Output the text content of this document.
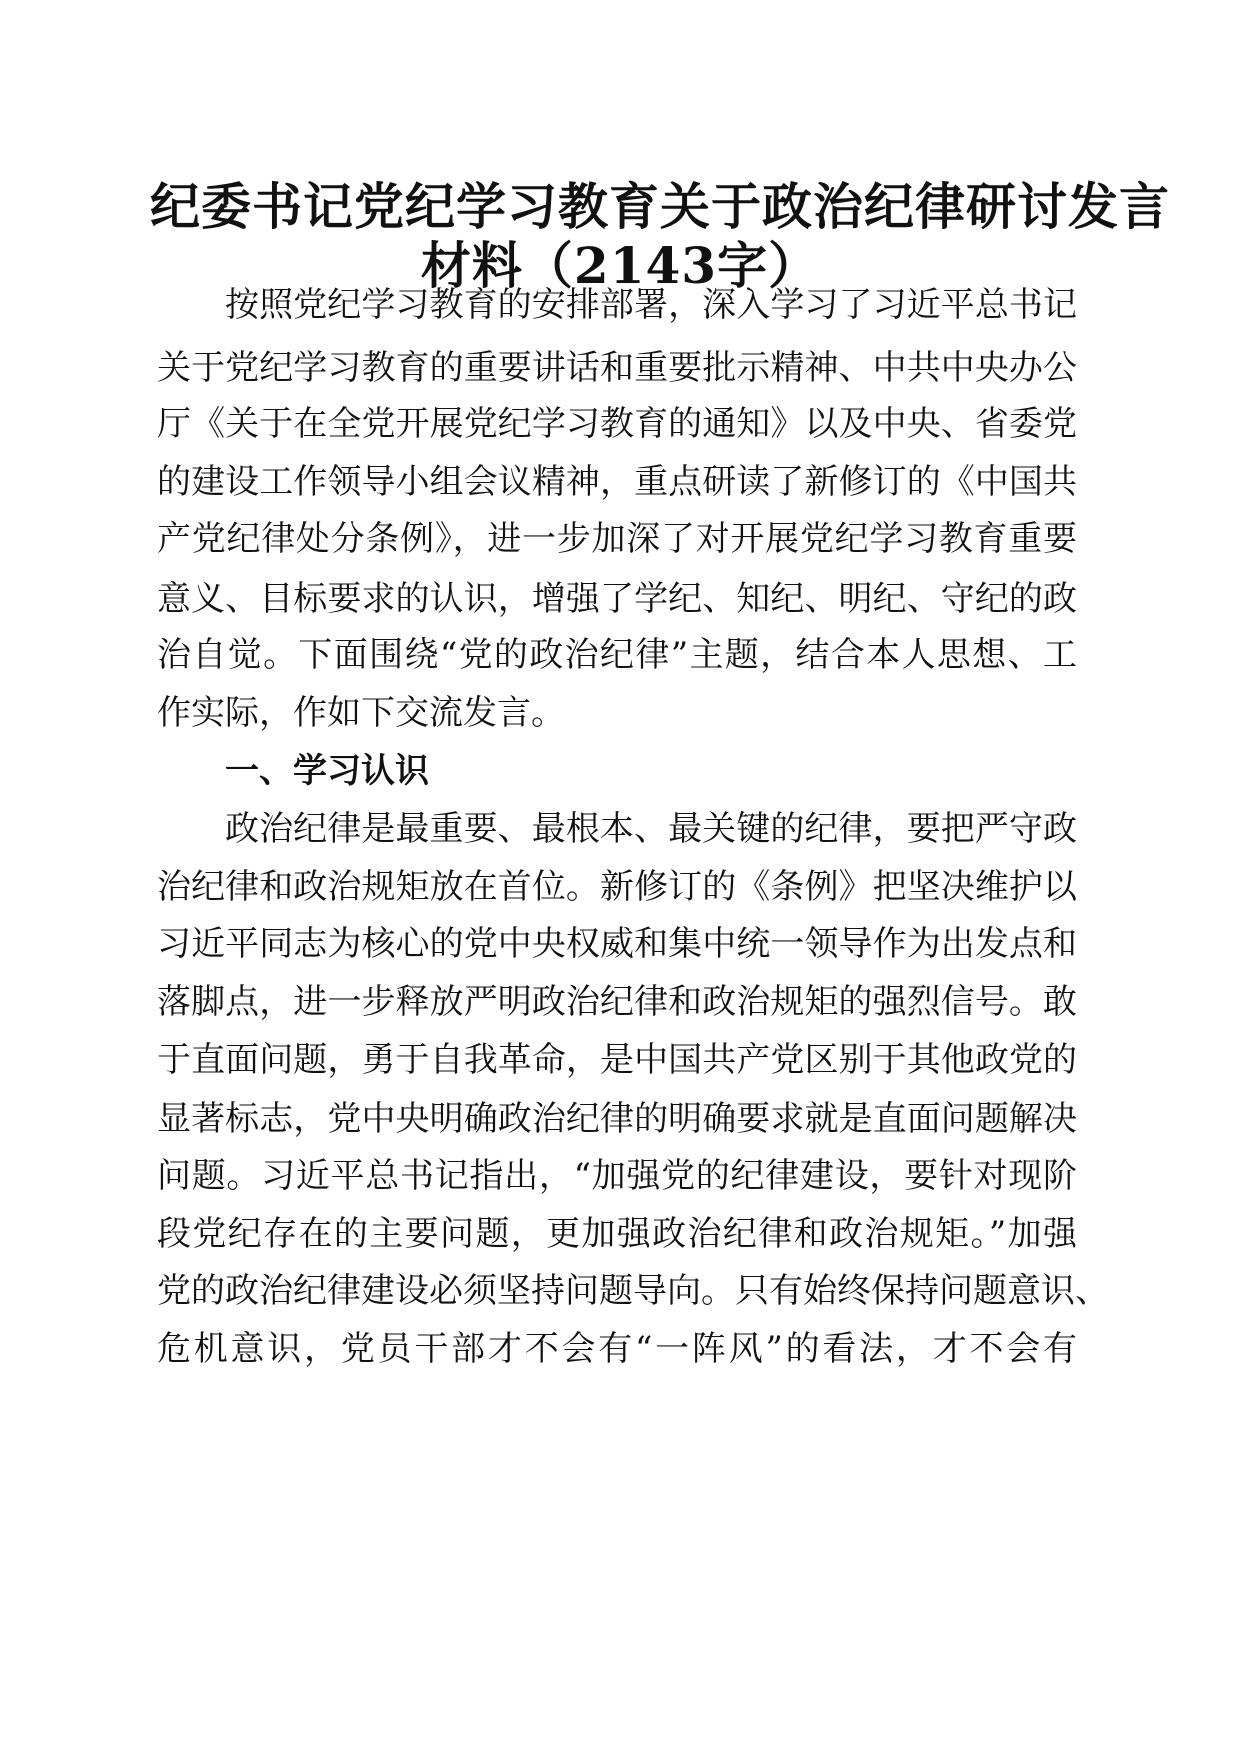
纪委书记党纪学习教育关于政治纪律研讨发言
材料（2143字）
按照党纪学习教育的安排部署，深入学习了习近平总书记
关于党纪学习教育的重要讲话和重要批示精神、中共中央办公
厅《关于在全党开展党纪学习教育的通知》以及中央、省委党
的建设工作领导小组会议精神，重点研读了新修订的《中国共
产党纪律处分条例》，进一步加深了对开展党纪学习教育重要
意义、目标要求的认识，增强了学纪、知纪、明纪、守纪的政
治自觉。下面围绕“党的政治纪律”主题，结合本人思想、工
作实际，作如下交流发言。
一、学习认识
政治纪律是最重要、最根本、最关键的纪律，要把严守政
治纪律和政治规矩放在首位。新修订的《条例》把坚决维护以
习近平同志为核心的党中央权威和集中统一领导作为出发点和
落脚点，进一步释放严明政治纪律和政治规矩的强烈信号。敢
于直面问题，勇于自我革命，是中国共产党区别于其他政党的
显著标志，党中央明确政治纪律的明确要求就是直面问题解决
问题。习近平总书记指出，“加强党的纪律建设，要针对现阶
段党纪存在的主要问题，更加强政治纪律和政治规矩。”加强
党的政治纪律建设必须坚持问题导向。只有始终保持问题意识、
危机意识，党员干部才不会有“一阵风”的看法，才不会有
